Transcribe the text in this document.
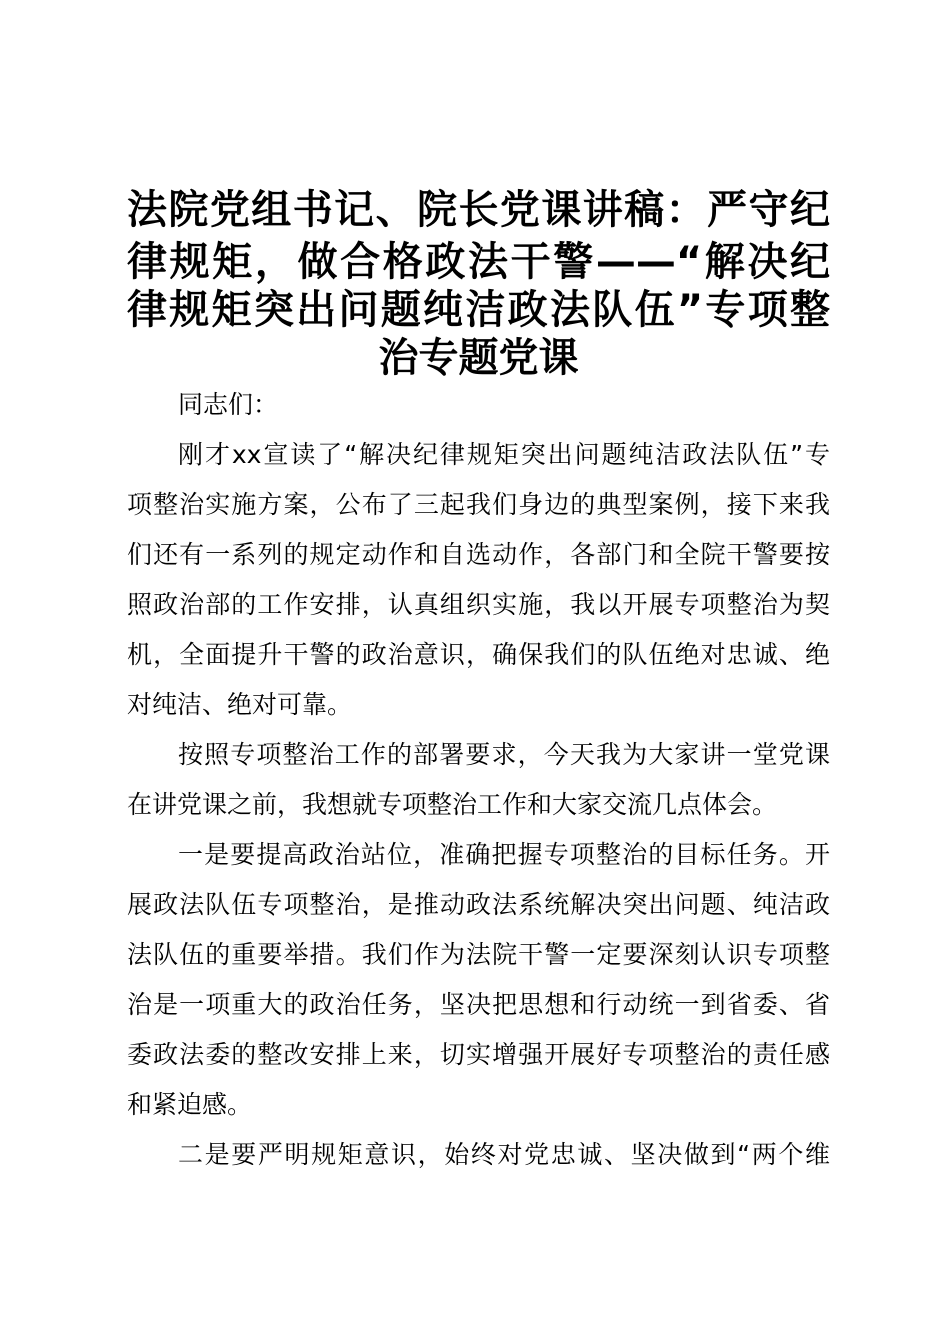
法院党组书记、院长党课讲稿：严守纪
律规矩，做合格政法干警——“解决纪
律规矩突出问题纯洁政法队伍”专项整
治专题党课
同志们：
刚才xx宣读了“解决纪律规矩突出问题纯洁政法队伍”专
项整治实施方案，公布了三起我们身边的典型案例，接下来我
们还有一系列的规定动作和自选动作，各部门和全院干警要按
照政治部的工作安排，认真组织实施，我以开展专项整治为契
机，全面提升干警的政治意识，确保我们的队伍绝对忠诚、绝
对纯洁、绝对可靠。
按照专项整治工作的部署要求，今天我为大家讲一堂党课
在讲党课之前，我想就专项整治工作和大家交流几点体会。
一是要提高政治站位，准确把握专项整治的目标任务。开
展政法队伍专项整治，是推动政法系统解决突出问题、纯洁政
法队伍的重要举措。我们作为法院干警一定要深刻认识专项整
治是一项重大的政治任务，坚决把思想和行动统一到省委、省
委政法委的整改安排上来，切实增强开展好专项整治的责任感
和紧迫感。
二是要严明规矩意识，始终对党忠诚、坚决做到“两个维
